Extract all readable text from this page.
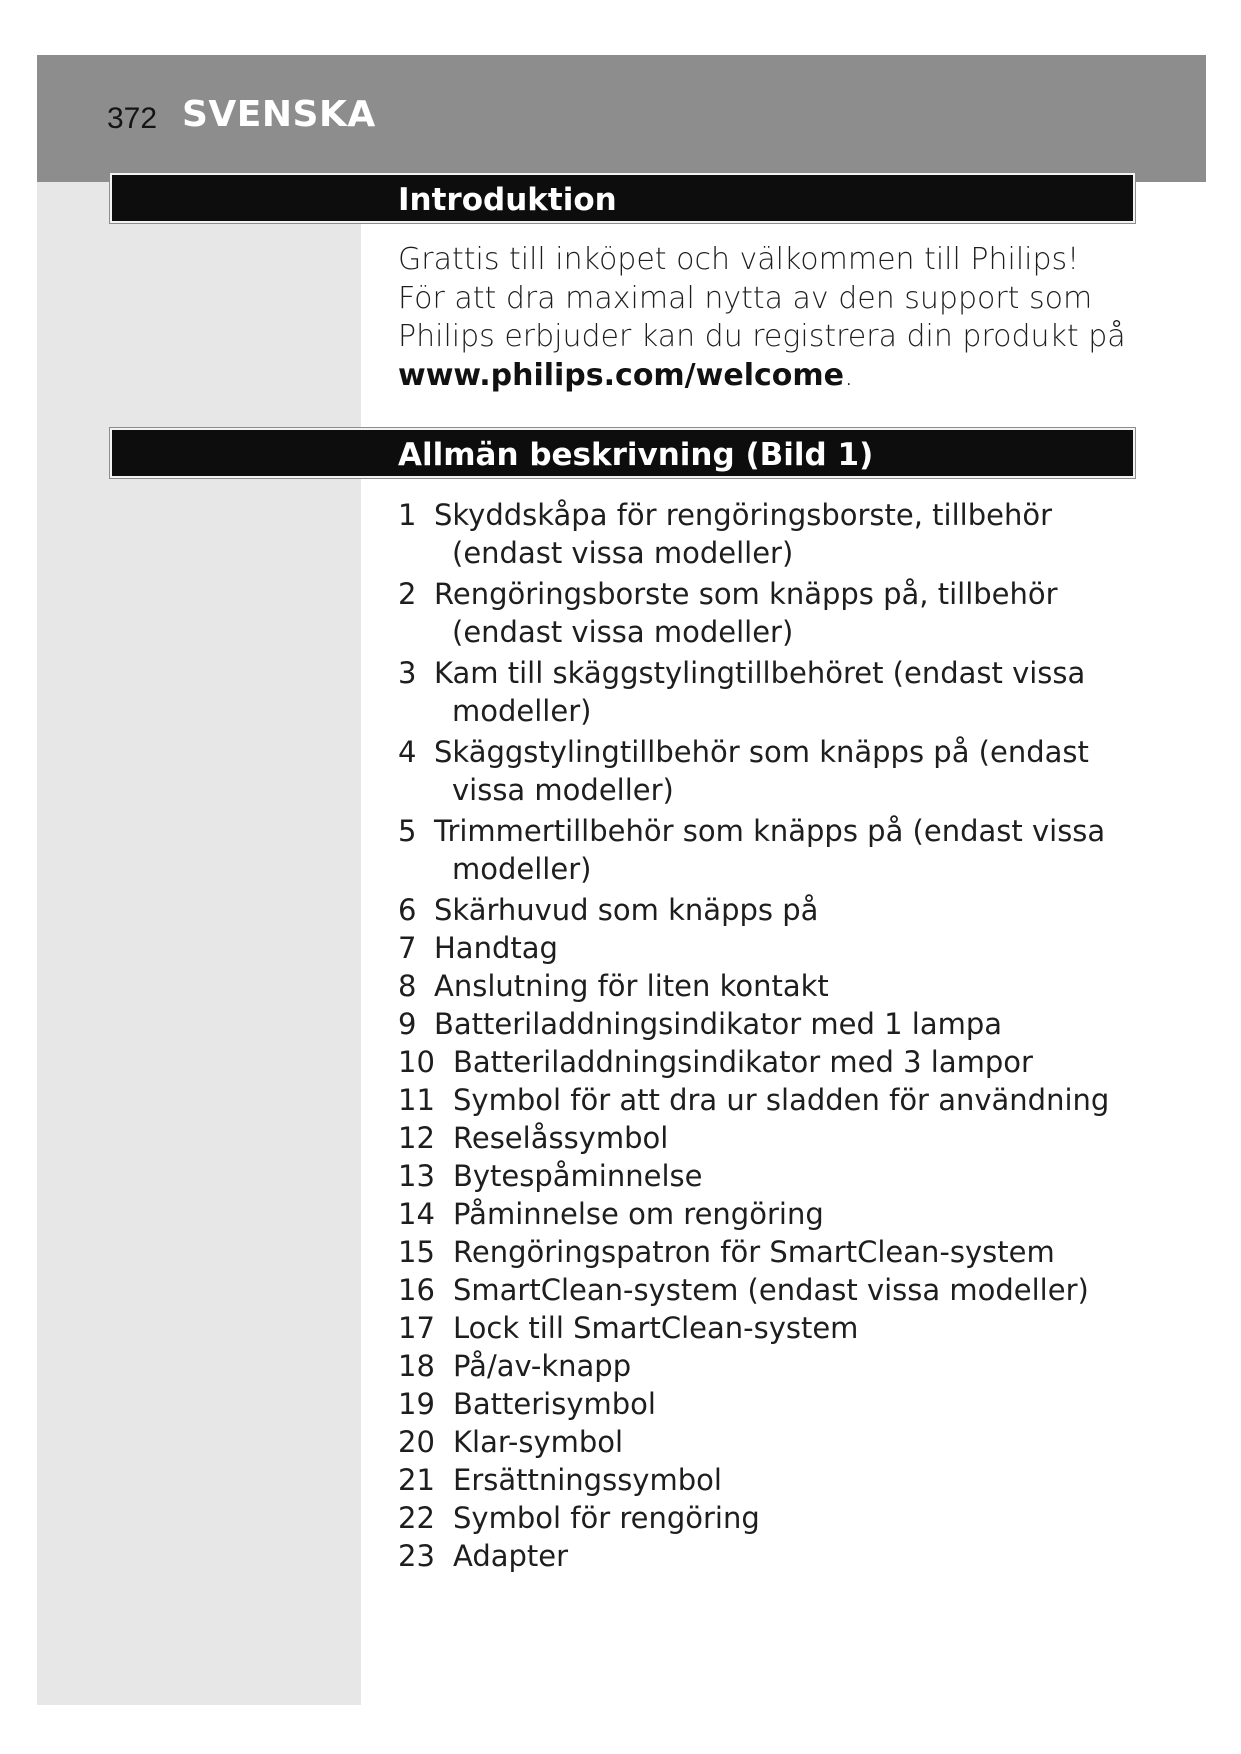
372 SVENSKA
Introduktion
Grattis till inköpet och välkommen till Philips!
För att dra maximal nytta av den support som
Philips erbjuder kan du registrera din produkt på
www.philips.com/welcome.
Allmän beskrivning (Bild 1)
1 Skyddskåpa för rengöringsborste, tillbehör (endast vissa modeller)
2 Rengöringsborste som knäpps på, tillbehör (endast vissa modeller)
3 Kam till skäggstylingtillbehöret (endast vissa modeller)
4 Skäggstylingtillbehör som knäpps på (endast vissa modeller)
5 Trimmertillbehör som knäpps på (endast vissa modeller)
6 Skärhuvud som knäpps på
7 Handtag
8 Anslutning för liten kontakt
9 Batteriladdningsindikator med 1 lampa
10 Batteriladdningsindikator med 3 lampor
11 Symbol för att dra ur sladden för användning
12 Reselåssymbol
13 Bytespåminnelse
14 Påminnelse om rengöring
15 Rengöringspatron för SmartClean-system
16 SmartClean-system (endast vissa modeller)
17 Lock till SmartClean-system
18 På/av-knapp
19 Batterisymbol
20 Klar-symbol
21 Ersättningssymbol
22 Symbol för rengöring
23 Adapter
